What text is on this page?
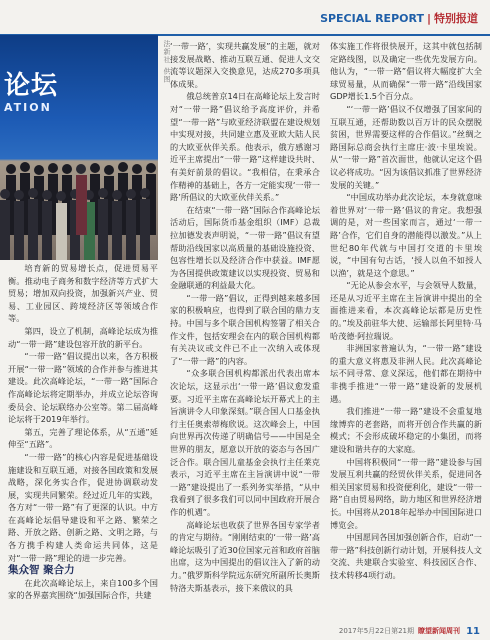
SPECIAL REPORT | 特别报道
论坛
ATION
法新社 供图

培育新的贸易增长点，促进贸易平衡。推动电子商务和数字经济等方式扩大贸易；增加双向投资，加强新兴产业、贸易、工业园区、跨境经济区等领域合作等。

第四，设立了机制，高峰论坛成为推动“一带一路”建设包容开放的新平台。

“一带一路”倡议提出以来，各方积极开展“一带一路”领域的合作并参与推进其建设。此次高峰论坛，“一带一路”国际合作高峰论坛将定期举办，并成立论坛咨询委员会、论坛联络办公室等。第二届高峰论坛将于2019年举行。

第五，完善了理论体系，从“五通”延伸至“五路”。

“一带一路”的核心内容是促进基础设施建设和互联互通，对接各国政策和发展战略，深化务实合作，促进协调联动发展，实现共同繁荣。经过近几年的实践，各方对“一带一路”有了更深的认识。中方在高峰论坛倡导建设和平之路、繁荣之路、开放之路、创新之路、文明之路，与各方携手构建人类命运共同体，这是对“一带一路”理论的进一步完善。

集众智 聚合力

在此次高峰论坛上，来自100多个国家的各界嘉宾围绕“加强国际合作，共建

‘一带一路’，实现共赢发展”的主题，就对接发展战略、推动互联互通、促进人文交流等议题深入交换意见，达成270多项具体成果。

俄总统普京14日在高峰论坛上发言时对“一带一路”倡议给予高度评价，并希望“一带一路”与欧亚经济联盟在建设规划中实现对接，共同建立惠及亚欧大陆人民的大欧亚伙伴关系。他表示，俄方感谢习近平主席提出“一带一路”这样建设共时、有美好前景的倡议。“我相信，在秉承合作精神的基础上，各方一定能实现‘一带一路’所倡议的大欧亚伙伴关系。”

在结束“一带一路”国际合作高峰论坛活动后，国际货币基金组织（IMF）总裁拉加德发表声明说，“一带一路”倡议有望帮助沿线国家以高质量的基础设施投资、包容性增长以及经济合作中获益。IMF愿为各国提供政策建议以实现投资、贸易和金融联通的利益最大化。

“一带一路”倡议，正得到越来越多国家的积极响应，也得到了联合国的鼎力支持。中国与多个联合国机构签署了相关合作文件，包括安理会在内的联合国机构都有关决议或文件已不止一次纳入或体现了“一带一路”的内容。

“众多联合国机构都派出代表出席本次论坛，这显示出‘一带一路’倡议愈发重要。习近平主席在高峰论坛开幕式上的主旨演讲令人印象深刻。”联合国人口基金执行主任奥索蒂梅欣说。这次峰会上，中国向世界再次传递了明确信号——中国是全世界的朋友，愿意以开放的姿态与各国广泛合作。联合国儿童基金会执行主任莱克表示，习近平主席在主旨演讲中说“一带一路”建设提出了一系列务实举措，“从中我看到了很多我们可以同中国政府开展合作的机遇”。

高峰论坛也收获了世界各国专家学者的肯定与期待。“刚刚结束的‘一带一路’高峰论坛吸引了近30位国家元首和政府首脑出席，这为中国提出的倡议注入了新的动力。”俄罗斯科学院远东研究所副所长奥斯特洛夫斯基表示，接下来俄议的具

体实施工作将很快展开，这其中就包括制定路线图，以及确定一些优先发展方向。他认为，“一带一路”倡议将大幅度扩大全球贸易量，从而确保“一带一路”沿线国家GDP增长1.5个百分点。

“‘一带一路’倡议不仅增强了国家间的互联互通，还帮助数以百万计的民众摆脱贫困，世界需要这样的合作倡议。”丝绸之路国际总商会执行主席庄·波·卡里埃说。从“一带一路”首次面世，他就认定这个倡议必将成功。“因为该倡议抓准了世界经济发展的关键。”

“中国成功举办此次论坛，本身就意味着世界对‘一带一路’倡议的肯定。我想强调的是，对一些国家而言，通过‘一带一路’合作，它们自身的潜能得以激发。”从上世纪80年代就与中国打交道的卡里埃说，“中国有句古话，‘授人以鱼不如授人以渔’，就是这个意思。”

“无论从参会水平，与会领导人数量，还是从习近平主席在主旨演讲中提出的全面推进来看，本次高峰论坛都是历史性的。”埃及前驻华大使、运输部长阿里特·马哈茂德·阿拉瑞说。

非洲国家普遍认为，“一带一路”建设的重大意义将惠及非洲人民。此次高峰论坛不同寻常、意义深远，他们都在期待中非携手推进“一带一路”建设新的发展机遇。

我们推进“一带一路”建设不会重复地缘博弈的老套路，而将开创合作共赢的新模式；不会形成破坏稳定的小集团，而将建设和谐共存的大家庭。

中国将积极同“一带一路”建设参与国发展互利共赢的经贸伙伴关系，促进同各相关国家贸易和投资便利化，建设“一带一路”自由贸易网络，助力地区和世界经济增长。中国将从2018年起举办中国国际进口博览会。

中国愿同各国加强创新合作，启动“一带一路”科技创新行动计划，开展科技人文交流、共建联合实验室、科技园区合作、技术转移4项行动。

2017年5月22日第21期 瞭望新闻周刊 11
